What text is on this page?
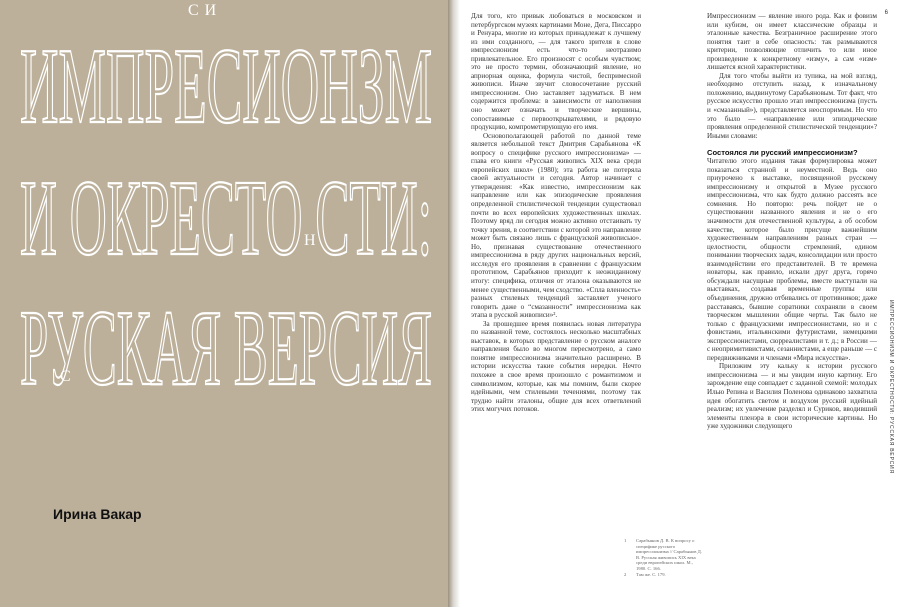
ИМПРЕСИОНЗМ
С И
И ОКРЕСТО СТИ:
Н
РУСКАЯ ВЕРСИЯ
С
Ирина Вакар

Для того, кто привык любоваться в московском и петербургском музеях картинами Моне, Дега, Писсарро и Ренуара, многие из которых принадлежат к лучшему из ими созданного, — для такого зрителя в слове импрессионизм есть что-то неотразимо привлекательное. Его произносят с особым чувством; это не просто термин, обозначающий явление, но априорная оценка, формула чистой, беспримесной живописи. Иначе звучит словосочетание русский импрессионизм. Оно заставляет задуматься. В нем содержится проблема: в зависимости от наполнения оно может означать и творческие вершины, сопоставимые с первооткрывателями, и рядовую продукцию, компрометирующую его имя.

Основополагающей работой по данной теме является небольшой текст Дмитрия Сарабьянова «К вопросу о специфике русского импрессионизма» — глава его книги «Русская живопись XIX века среди европейских школ» (1980); эта работа не потеряла своей актуальности и сегодня. Автор начинает с утверждения: «Как известно, импрессионизм как направление или как эпизодические проявления определенной стилистической тенденции существовал почти во всех европейских художественных школах. Поэтому вряд ли сегодня можно активно отстаивать ту точку зрения, в соответствии с которой это направление может быть связано лишь с французской живописью». Но, признавая существование отечественного импрессионизма в ряду других национальных версий, исследуя его проявления в сравнении с французским прототипом, Сарабьянов приходит к неожиданному итогу: специфика, отличия от эталона оказываются не менее существенными, чем сходство. «Спла вленность» разных стилевых тенденций заставляет ученого говорить даже о “смазанности” импрессионизма как этапа в русской живописи»².

За прошедшее время появилась новая литература по названной теме, состоялось несколько масштабных выставок, в которых представление о русском аналоге направления было во многом пересмотрено, а само понятие импрессионизма значительно расширено. В истории искусства такие события нередки. Нечто похожее в свое время произошло с романтизмом и символизмом, которые, как мы помним, были скорее идейными, чем стилевыми течениями, поэтому так трудно найти эталоны, общие для всех ответвлений этих могучих потоков.

Импрессионизм — явление иного рода. Как и фовизм или кубизм, он имеет классические образцы и эталонные качества. Безграничное расширение этого понятия таит в себе опасность: так размываются критерии, позволяющие отличить то или иное произведение к конкретному «изму», а сам «изм» лишается ясной характеристики.

Для того чтобы выйти из тупика, на мой взгляд, необходимо отступить назад, к изначальному положению, выдвинутому Сарабьяновым. Тот факт, что русское искусство прошло этап импрессионизма (пусть и «смазанный»), представляется неоспоримым. Но что это было — «направление или эпизодические проявления определенной стилистической тенденции»? Иными словами:

Состоялся ли русский импрессионизм?

Читателю этого издания такая формулировка может показаться странной и неуместной. Ведь оно приурочено к выставке, посвященной русскому импрессионизму и открытой в Музее русского импрессионизма, что как будто должно рассеять все сомнения. Но повторю: речь пойдет не о существовании названного явления и не о его значимости для отечественной культуры, а об особом качестве, которое было присуще важнейшим художественным направлениям разных стран — целостности, общности стремлений, едином понимании творческих задач, консолидации или просто взаимодействии его представителей. В те времена новаторы, как правило, искали друг друга, горячо обсуждали насущные проблемы, вместе выступали на выставках, создавая временные группы или объединения, дружно отбивались от противников; даже расставаясь, бывшие соратники сохраняли в своем творческом мышлении общие черты. Так было не только с французскими импрессионистами, но и с фовистами, итальянскими футуристами, немецкими экспрессионистами, сюрреалистами и т. д.; в России — с неопримитивистами, сезаннистами, а еще раньше — с передвижниками и членами «Мира искусства».

Приложим эту кальку к истории русского импрессионизма — и мы увидим иную картину. Его зарождение еще совпадает с заданной схемой: молодых Илью Репина и Василия Поленова одинаково захватила идея обогатить светом и воздухом русский идейный реализм; их увлечение разделял и Суриков, вводивший элементы пленэра в свои исторические картины. Но уже художники следующего

1 Сарабьянов Д. В. К вопросу о специфике русского импрессионизма // Сарабьянов Д. В. Русская живопись XIX века среди европейских школ. М., 1980. С. 166.
2 Там же. С. 179.
6
ИМПРЕССИОНИЗМ И ОКРЕСТНОСТИ: РУССКАЯ ВЕРСИЯ
